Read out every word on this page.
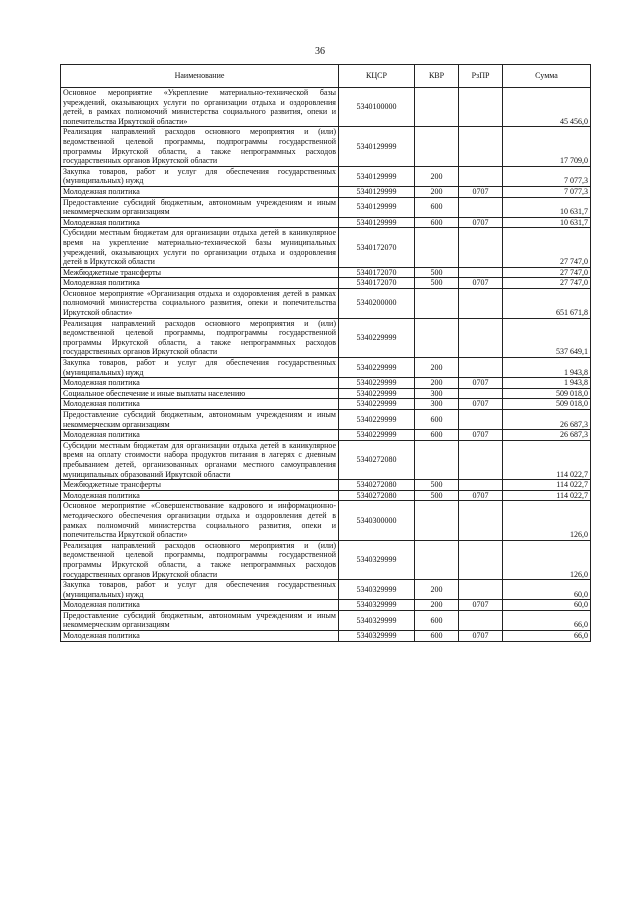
36
Наименование	КЦСР	КВР	РзПР	Сумма
Основное мероприятие «Укрепление материально-технической базы учреждений, оказывающих услуги по организации отдыха и оздоровления детей, в рамках полномочий министерства социального развития, опеки и попечительства Иркутской области»	5340100000			45 456,0
Реализация направлений расходов основного мероприятия и (или) ведомственной целевой программы, подпрограммы государственной программы Иркутской области, а также непрограммных расходов государственных органов Иркутской области	5340129999			17 709,0
Закупка товаров, работ и услуг для обеспечения государственных (муниципальных) нужд	5340129999	200		7 077,3
Молодежная политика	5340129999	200	0707	7 077,3
Предоставление субсидий бюджетным, автономным учреждениям и иным некоммерческим организациям	5340129999	600		10 631,7
Молодежная политика	5340129999	600	0707	10 631,7
Субсидии местным бюджетам для организации отдыха детей в каникулярное время на укрепление материально-технической базы муниципальных учреждений, оказывающих услуги по организации отдыха и оздоровления детей в Иркутской области	5340172070			27 747,0
Межбюджетные трансферты	5340172070	500		27 747,0
Молодежная политика	5340172070	500	0707	27 747,0
Основное мероприятие «Организация отдыха и оздоровления детей в рамках полномочий министерства социального развития, опеки и попечительства Иркутской области»	5340200000			651 671,8
Реализация направлений расходов основного мероприятия и (или) ведомственной целевой программы, подпрограммы государственной программы Иркутской области, а также непрограммных расходов государственных органов Иркутской области	5340229999			537 649,1
Закупка товаров, работ и услуг для обеспечения государственных (муниципальных) нужд	5340229999	200		1 943,8
Молодежная политика	5340229999	200	0707	1 943,8
Социальное обеспечение и иные выплаты населению	5340229999	300		509 018,0
Молодежная политика	5340229999	300	0707	509 018,0
Предоставление субсидий бюджетным, автономным учреждениям и иным некоммерческим организациям	5340229999	600		26 687,3
Молодежная политика	5340229999	600	0707	26 687,3
Субсидии местным бюджетам для организации отдыха детей в каникулярное время на оплату стоимости набора продуктов питания в лагерях с дневным пребыванием детей, организованных органами местного самоуправления муниципальных образований Иркутской области	5340272080			114 022,7
Межбюджетные трансферты	5340272080	500		114 022,7
Молодежная политика	5340272080	500	0707	114 022,7
Основное мероприятие «Совершенствование кадрового и информационно-методического обеспечения организации отдыха и оздоровления детей в рамках полномочий министерства социального развития, опеки и попечительства Иркутской области»	5340300000			126,0
Реализация направлений расходов основного мероприятия и (или) ведомственной целевой программы, подпрограммы государственной программы Иркутской области, а также непрограммных расходов государственных органов Иркутской области	5340329999			126,0
Закупка товаров, работ и услуг для обеспечения государственных (муниципальных) нужд	5340329999	200		60,0
Молодежная политика	5340329999	200	0707	60,0
Предоставление субсидий бюджетным, автономным учреждениям и иным некоммерческим организациям	5340329999	600		66,0
Молодежная политика	5340329999	600	0707	66,0
